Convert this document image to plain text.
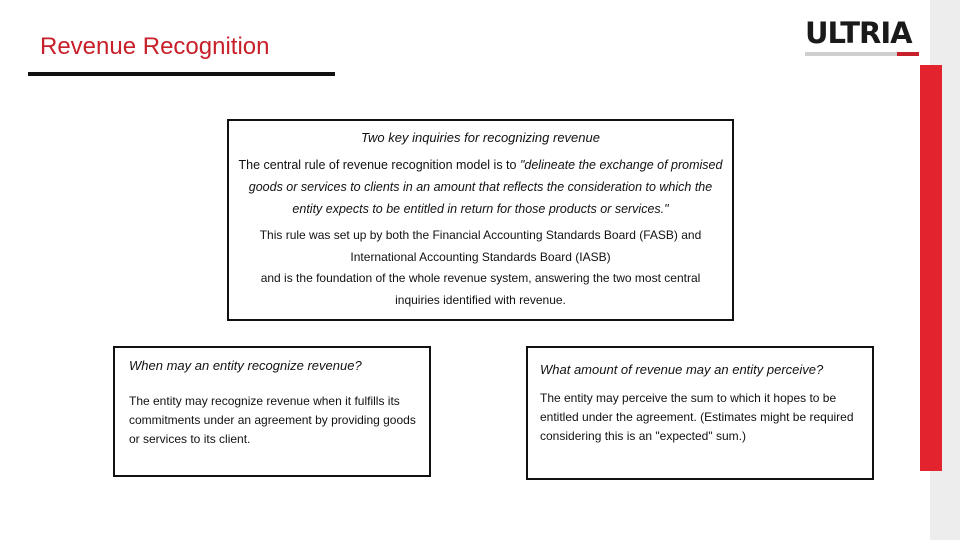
Revenue Recognition	ULTRIA
Two key inquiries for recognizing revenue
The central rule of revenue recognition model is to "delineate the exchange of promised goods or services to clients in an amount that reflects the consideration to which the entity expects to be entitled in return for those products or services."
This rule was set up by both the Financial Accounting Standards Board (FASB) and International Accounting Standards Board (IASB)
and is the foundation of the whole revenue system, answering the two most central inquiries identified with revenue.
When may an entity recognize revenue?
The entity may recognize revenue when it fulfills its commitments under an agreement by providing goods or services to its client.
What amount of revenue may an entity perceive?
The entity may perceive the sum to which it hopes to be entitled under the agreement. (Estimates might be required considering this is an "expected" sum.)
